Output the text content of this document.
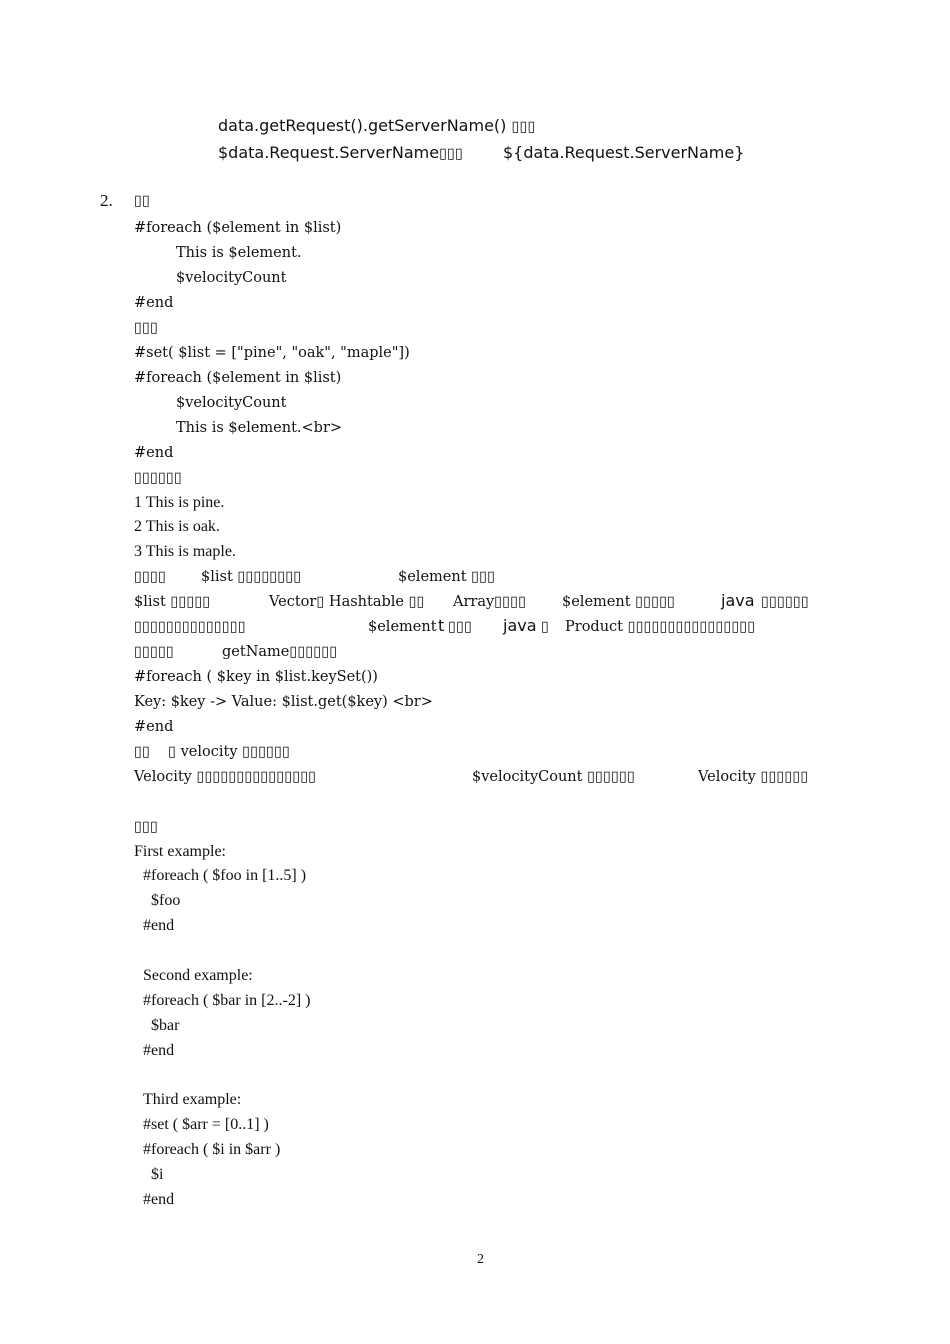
data.getRequest().getServerName() ▯▯▯
$data.Request.ServerName▯▯▯ ${data.Request.ServerName}
2. ▯▯
#foreach ($element in $list)
This is $element.
$velocityCount
#end
▯▯▯
#set( $list = ["pine", "oak", "maple"])
#foreach ($element in $list)
$velocityCount
This is $element.<br>
#end
▯▯▯▯▯▯
1 This is pine.
2 This is oak.
3 This is maple.
▯▯▯▯ $list ▯▯▯▯▯▯▯▯	$element ▯▯▯
$list ▯▯▯▯▯	Vector▯ Hashtable ▯▯ Array▯▯▯▯ $element ▯▯▯▯▯	java ▯▯▯▯▯▯
▯▯▯▯▯▯▯▯▯▯▯▯▯▯	$element t ▯▯▯ java ▯ Product ▯▯▯▯▯▯▯▯▯▯▯▯▯▯▯▯
▯▯▯▯▯	getName▯▯▯▯▯▯
#foreach ( $key in $list.keySet())
Key: $key -> Value: $list.get($key) <br>
#end
▯▯ ▯ velocity ▯▯▯▯▯▯
Velocity ▯▯▯▯▯▯▯▯▯▯▯▯▯▯▯	$velocityCount ▯▯▯▯▯▯	Velocity ▯▯▯▯▯▯
▯▯▯
First example:
#foreach ( $foo in [1..5] )
$foo
#end
Second example:
#foreach ( $bar in [2..-2] )
$bar
#end
Third example:
#set ( $arr = [0..1] )
#foreach ( $i in $arr )
$i
#end
2
